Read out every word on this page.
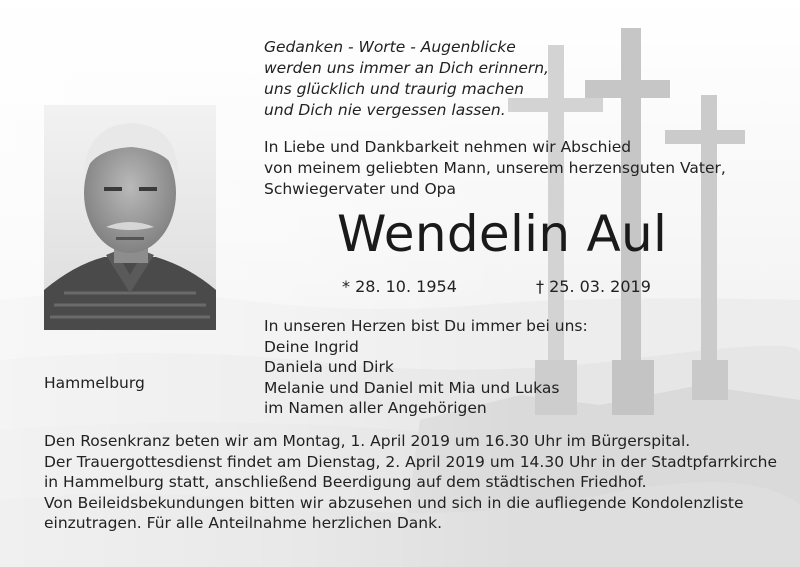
Gedanken - Worte - Augenblicke
werden uns immer an Dich erinnern,
uns glücklich und traurig machen
und Dich nie vergessen lassen.
In Liebe und Dankbarkeit nehmen wir Abschied
von meinem geliebten Mann, unserem herzensguten Vater,
Schwiegervater und Opa
Wendelin Aul
* 28. 10. 1954	† 25. 03. 2019
In unseren Herzen bist Du immer bei uns:
Deine Ingrid
Daniela und Dirk
Melanie und Daniel mit Mia und Lukas
im Namen aller Angehörigen
Hammelburg
Den Rosenkranz beten wir am Montag, 1. April 2019 um 16.30 Uhr im Bürgerspital.
Der Trauergottesdienst findet am Dienstag, 2. April 2019 um 14.30 Uhr in der Stadtpfarrkirche
in Hammelburg statt, anschließend Beerdigung auf dem städtischen Friedhof.
Von Beileidsbekundungen bitten wir abzusehen und sich in die aufliegende Kondolenzliste
einzutragen. Für alle Anteilnahme herzlichen Dank.
